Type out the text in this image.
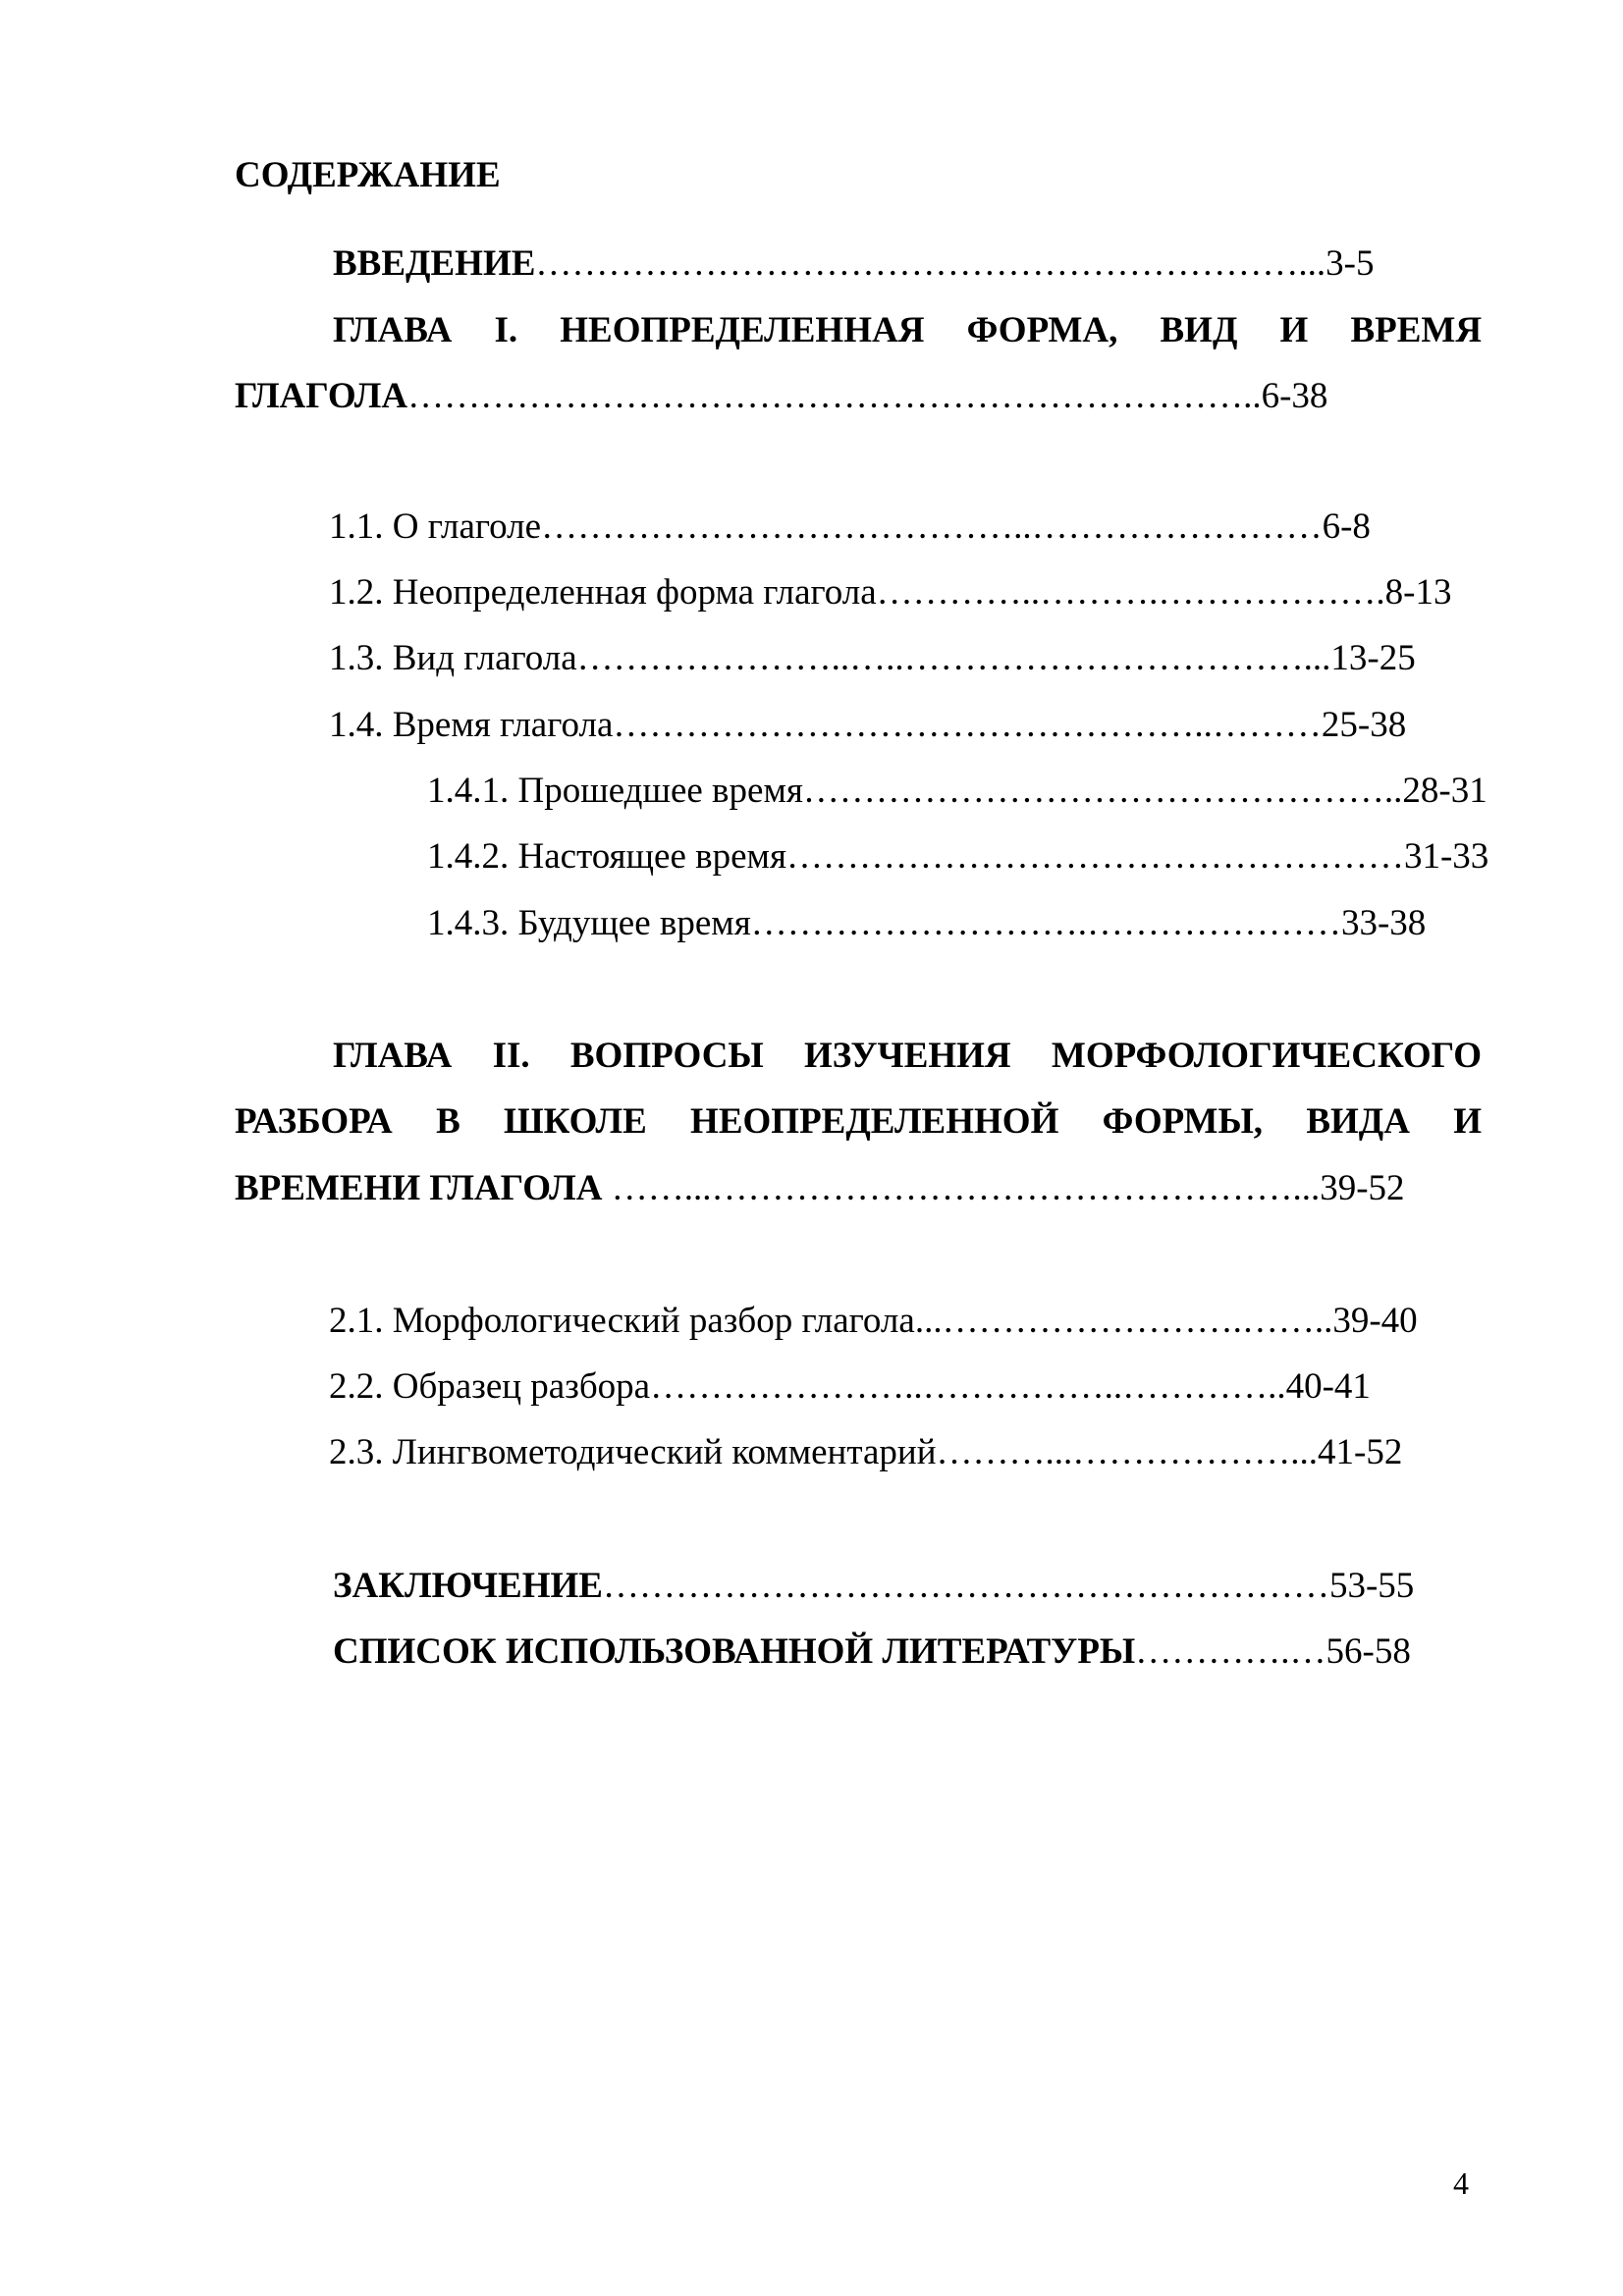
СОДЕРЖАНИЕ
ВВЕДЕНИЕ………………………………………………………...3-5
ГЛАВА I. НЕОПРЕДЕЛЕННАЯ ФОРМА, ВИД И ВРЕМЯ
ГЛАГОЛА……………………………………………………………..6-38
1.1. О глаголе…………………………………..……………………6-8
1.2. Неопределенная форма глагола…………..……….……………….8-13
1.3. Вид глагола…………………..…..……………………………...13-25
1.4. Время глагола…………………………………………..………25-38
1.4.1. Прошедшее время…………………………………………..28-31
1.4.2. Настоящее время……………………………………………31-33
1.4.3. Будущее время……………………….…………………33-38
ГЛАВА II. ВОПРОСЫ ИЗУЧЕНИЯ МОРФОЛОГИЧЕСКОГО
РАЗБОРА В ШКОЛЕ НЕОПРЕДЕЛЕННОЙ ФОРМЫ, ВИДА И
ВРЕМЕНИ ГЛАГОЛА ……...…………………………………………...39-52
2.1. Морфологический разбор глагола...…………………….……..39-40
2.2. Образец разбора…………………..……………..…………..40-41
2.3. Лингвометодический комментарий………...………………...41-52
ЗАКЛЮЧЕНИЕ……………………………………………………53-55
СПИСОК ИСПОЛЬЗОВАННОЙ ЛИТЕРАТУРЫ………….…56-58
4
